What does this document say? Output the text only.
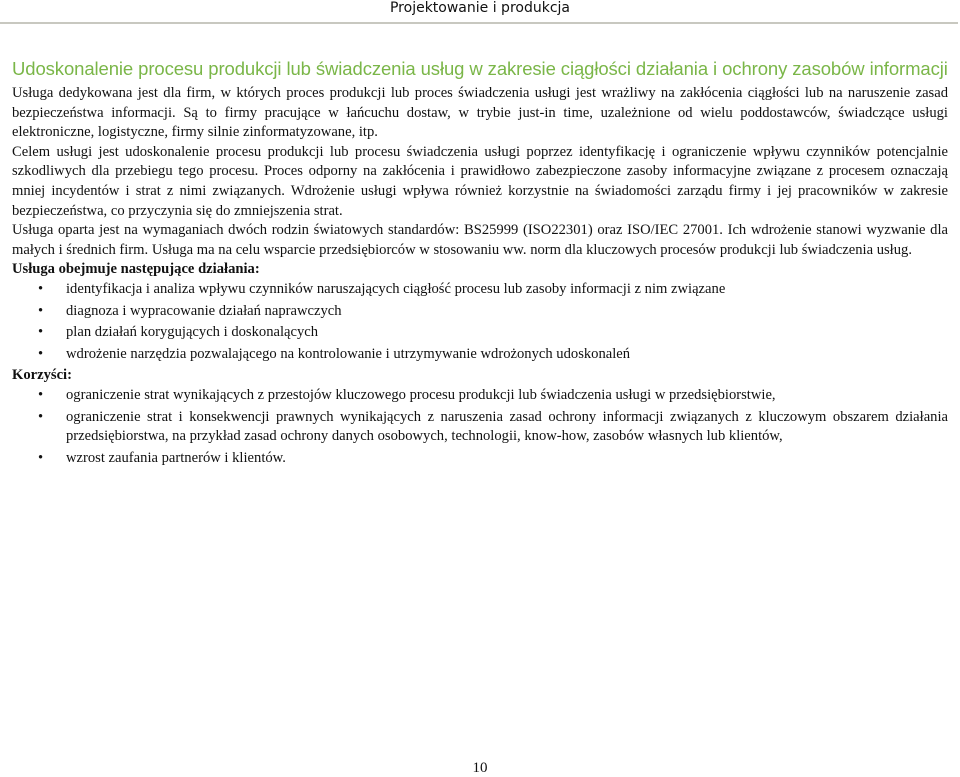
Projektowanie i produkcja
Udoskonalenie procesu produkcji lub świadczenia usług w zakresie ciągłości działania i ochrony zasobów informacji

Usługa dedykowana jest dla firm, w których proces produkcji lub proces świadczenia usługi jest wrażliwy na zakłócenia ciągłości lub na naruszenie zasad bezpieczeństwa informacji. Są to firmy pracujące w łańcuchu dostaw, w trybie just-in time, uzależnione od wielu poddostawców, świadczące usługi elektroniczne, logistyczne, firmy silnie zinformatyzowane, itp.

Celem usługi jest udoskonalenie procesu produkcji lub procesu świadczenia usługi poprzez identyfikację i ograniczenie wpływu czynników potencjalnie szkodliwych dla przebiegu tego procesu. Proces odporny na zakłócenia i prawidłowo zabezpieczone zasoby informacyjne związane z procesem oznaczają mniej incydentów i strat z nimi związanych. Wdrożenie usługi wpływa również korzystnie na świadomości zarządu firmy i jej pracowników w zakresie bezpieczeństwa, co przyczynia się do zmniejszenia strat.

Usługa oparta jest na wymaganiach dwóch rodzin światowych standardów: BS25999 (ISO22301) oraz ISO/IEC 27001. Ich wdrożenie stanowi wyzwanie dla małych i średnich firm. Usługa ma na celu wsparcie przedsiębiorców w stosowaniu ww. norm dla kluczowych procesów produkcji lub świadczenia usług.

Usługa obejmuje następujące działania:

• identyfikacja i analiza wpływu czynników naruszających ciągłość procesu lub zasoby informacji z nim związane
• diagnoza i wypracowanie działań naprawczych
• plan działań korygujących i doskonalących
• wdrożenie narzędzia pozwalającego na kontrolowanie i utrzymywanie wdrożonych udoskonaleń

Korzyści:

• ograniczenie strat wynikających z przestojów kluczowego procesu produkcji lub świadczenia usługi w przedsiębiorstwie,
• ograniczenie strat i konsekwencji prawnych wynikających z naruszenia zasad ochrony informacji związanych z kluczowym obszarem działania przedsiębiorstwa, na przykład zasad ochrony danych osobowych, technologii, know-how, zasobów własnych lub klientów,
• wzrost zaufania partnerów i klientów.
10
